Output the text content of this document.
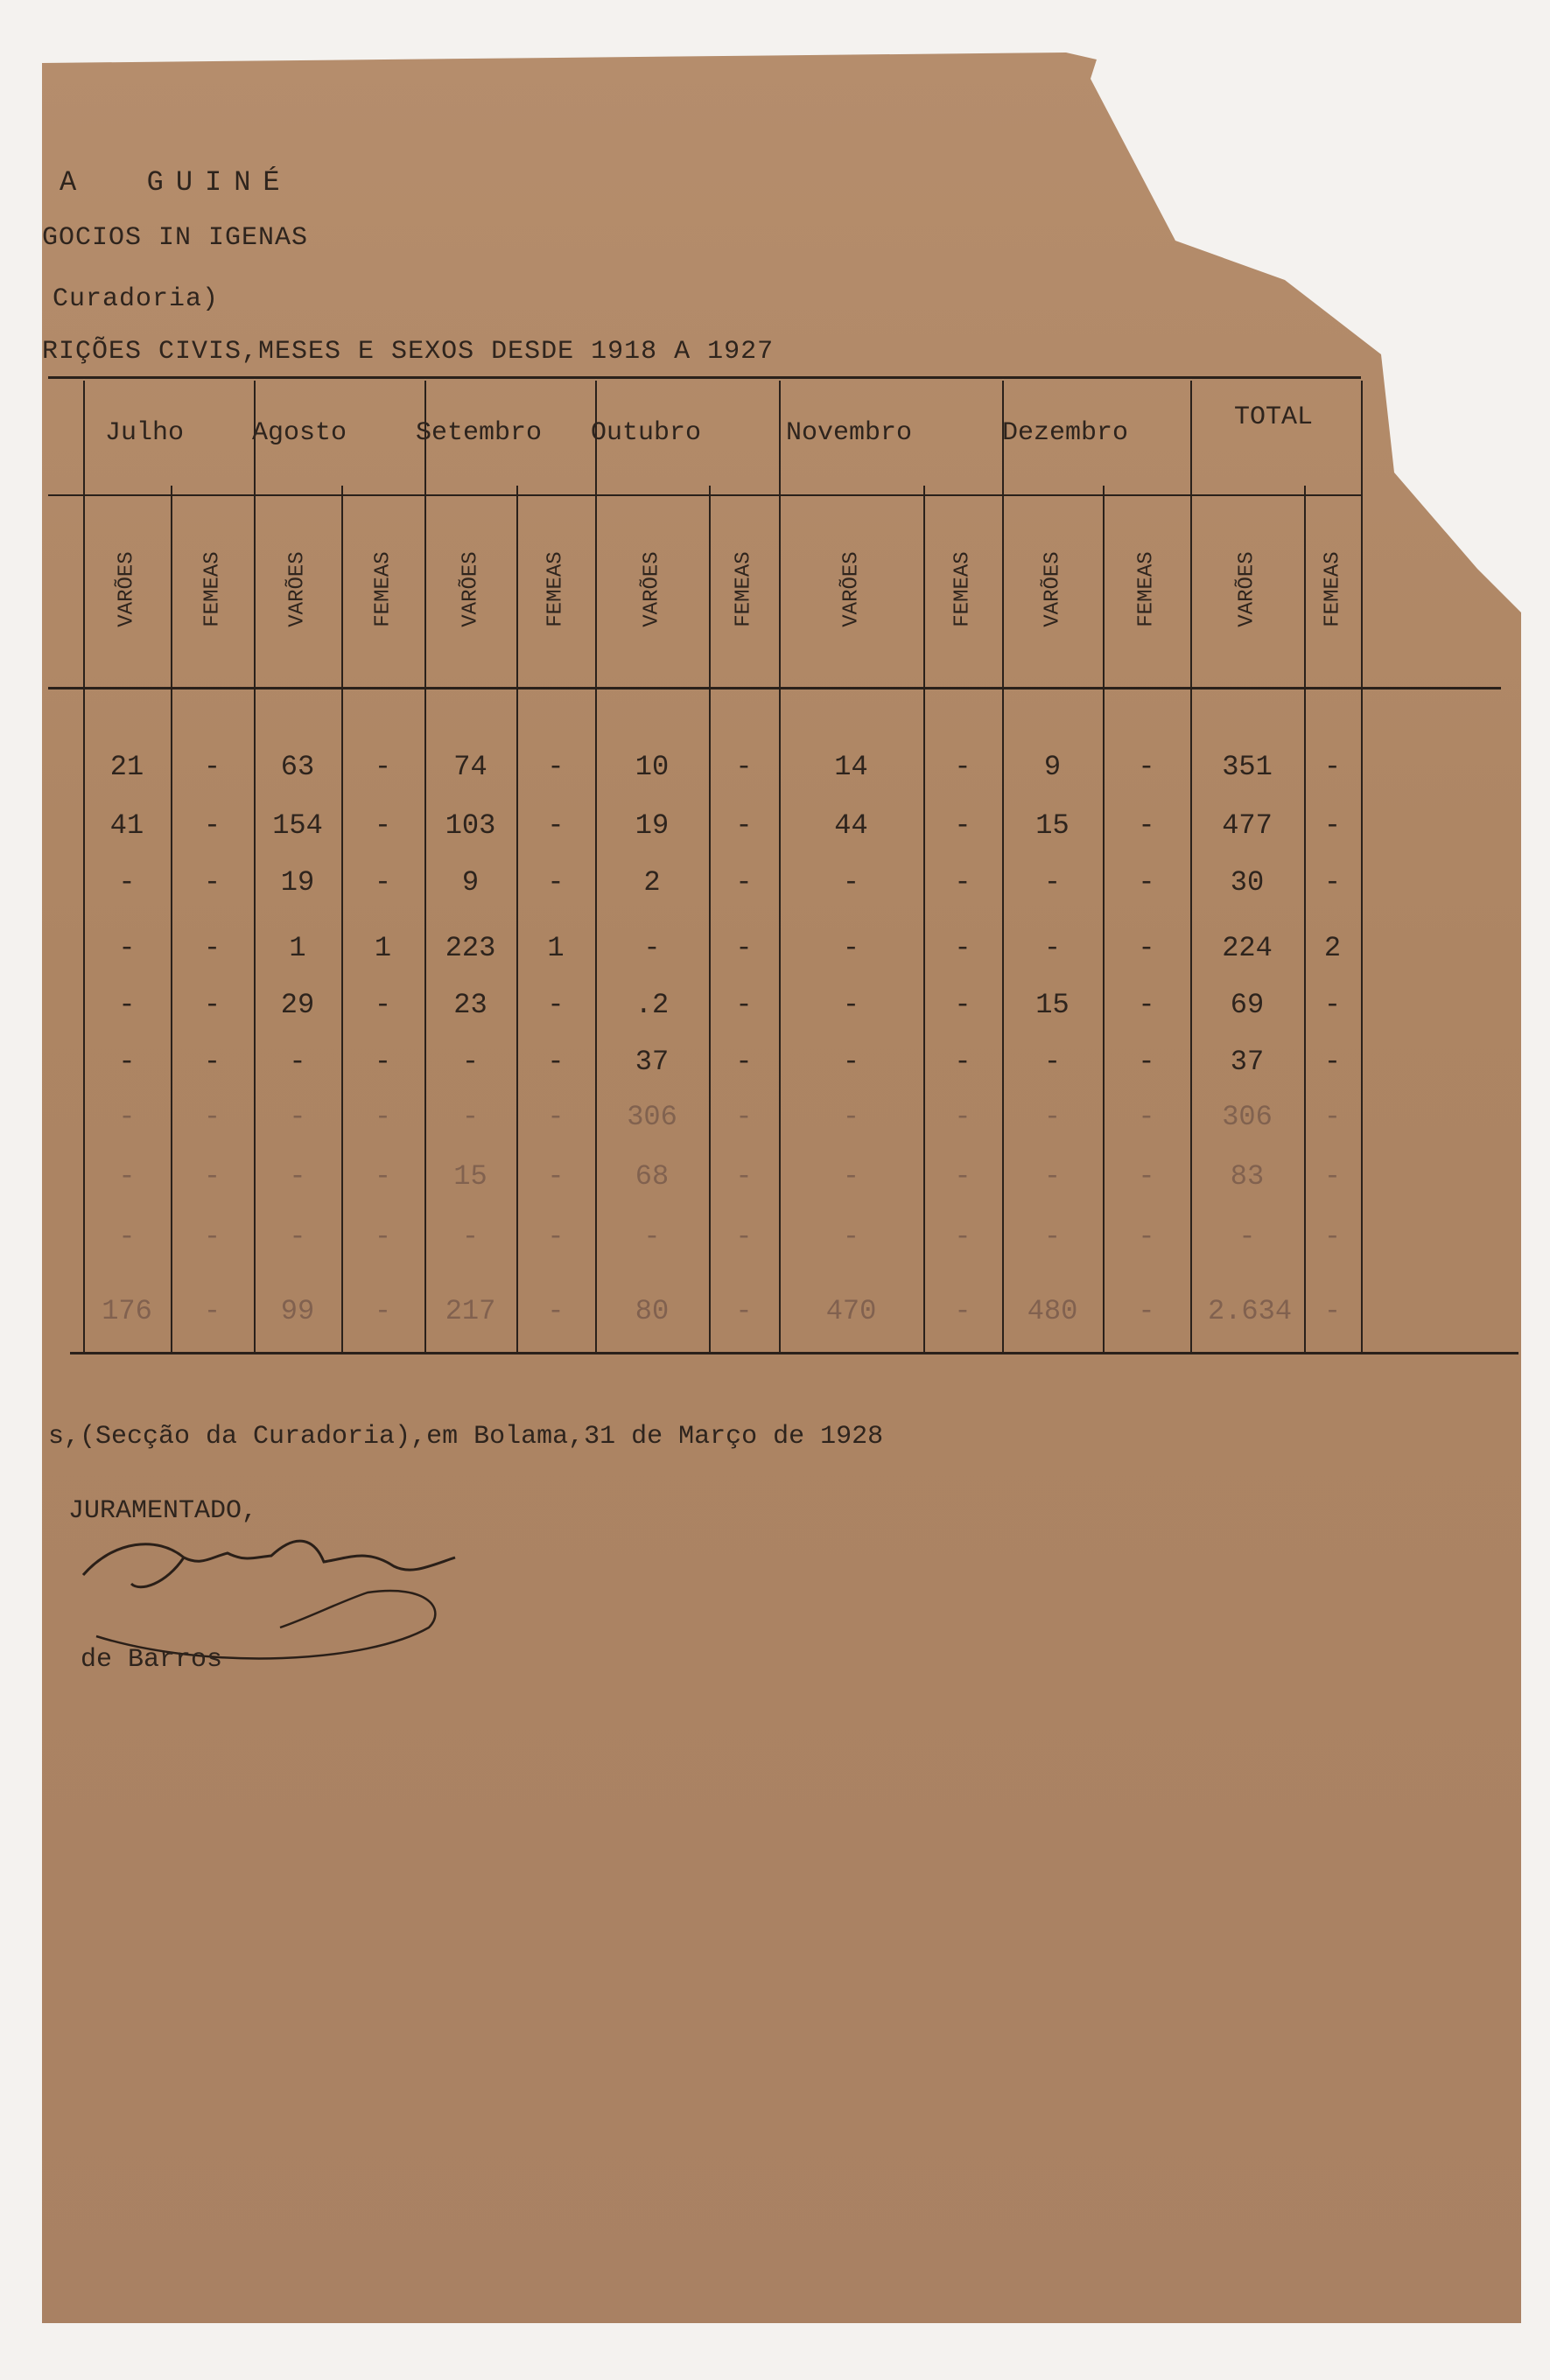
A  GUINÉ
GOCIOS IN IGENAS
Curadoria)
RIÇÕES CIVIS,MESES E SEXOS DESDE 1918 A 1927
Julho	Agosto	Setembro Outubro	Novembro	Dezembro
TOTAL
VARÕES	FEMEAS	VARÕES	FEMEAS	VARÕES	FEMEAS	VARÕES	FEMEAS	VARÕES	FEMEAS	VARÕES	FEMEAS	VARÕES	FEMEAS
21	-	63	-	74	-	10	-	14	-	9	-	351	-
41	-	154	-	103	-	19	-	44	-	15	-	477	-
-	-	19	-	9	-	2	-	-	-	-	-	30	-
-	-	1	1	223	1	-	-	-	-	-	-	224	2
-	-	29	-	23	-	.2	-	-	-	15	-	69	-
-	-	-	-	-	-	37	-	-	-	-	-	37	-
-	-	-	-	-	-	306	-	-	-	-	-	306	-
-	-	-	-	15	-	68	-	-	-	-	-	83	-
-	-	-	-	-	-	-	-	-	-	-	-	-	-
176	-	99	-	217	-	80	-	470	-	480	-	2.634	-
s,(Secção da Curadoria),em Bolama,31 de Março de 1928
JURAMENTADO,
de Barros
